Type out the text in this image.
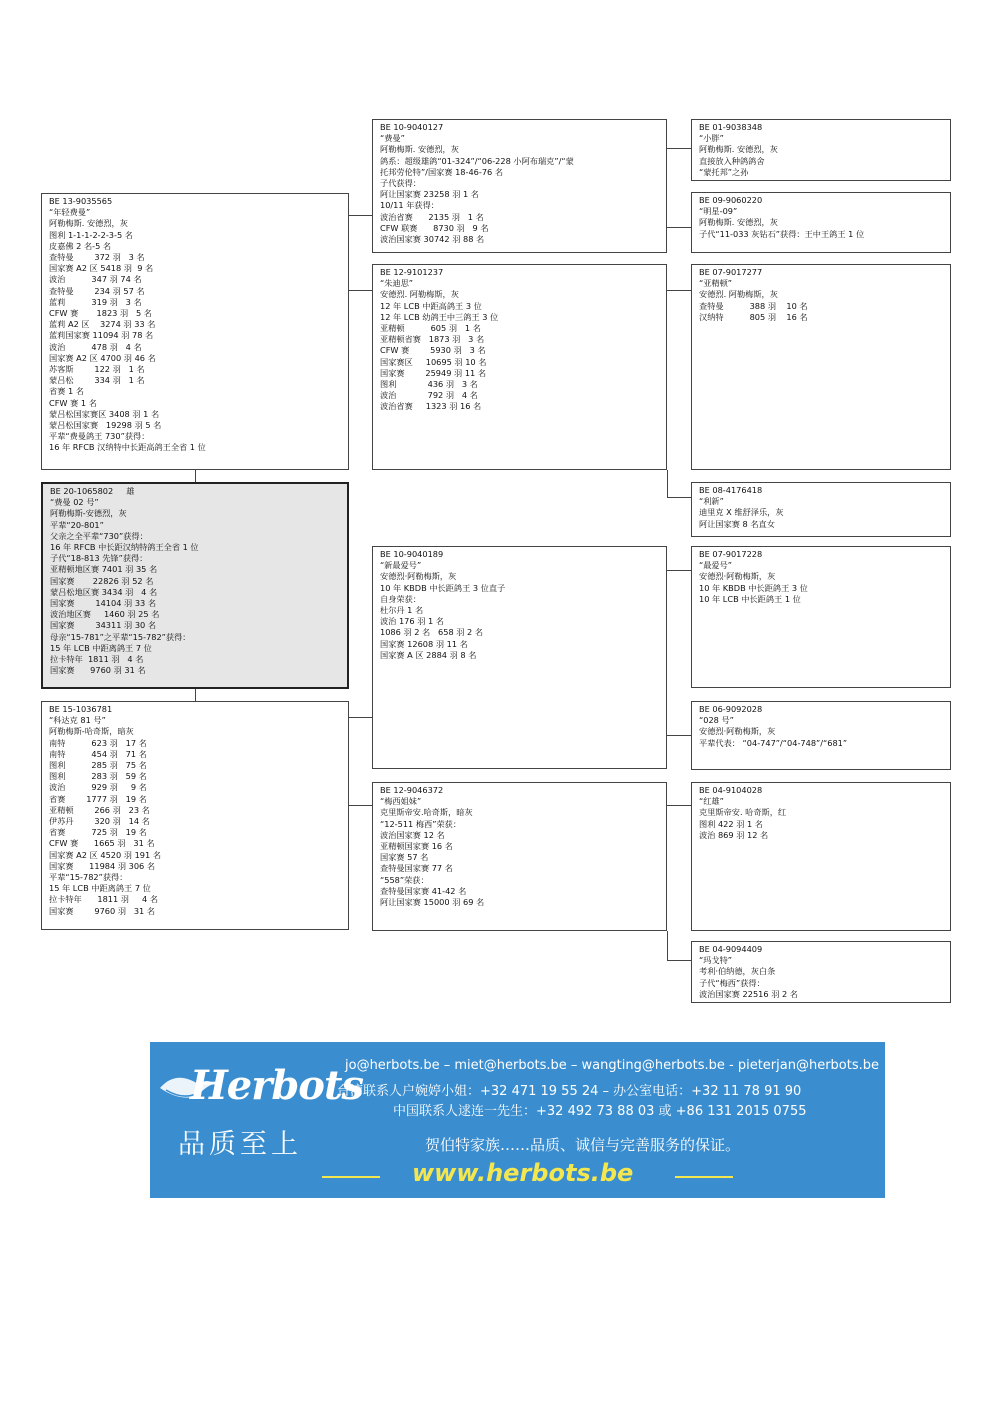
BE 13-9035565
“年轻费曼”
阿勒梅斯. 安德烈，灰
图利 1-1-1-2-2-3-5 名
皮嘉佛 2 名-5 名
查特曼        372 羽   3 名
国家赛 A2 区 5418 羽  9 名
波治          347 羽 74 名
查特曼        234 羽 57 名
蓝莉          319 羽   3 名
CFW 赛       1823 羽   5 名
蓝莉 A2 区    3274 羽 33 名
蓝莉国家赛 11094 羽 78 名
波治          478 羽   4 名
国家赛 A2 区 4700 羽 46 名
苏客斯        122 羽   1 名
蒙吕松        334 羽   1 名
省赛 1 名
CFW 赛 1 名
蒙吕松国家赛区 3408 羽 1 名
蒙吕松国家赛   19298 羽 5 名
平辈“费曼鸽王 730”获得：
16 年 RFCB 汉纳特中长距高鸽王全省 1 位
BE 20-1065802     雄
“费曼 02 号”
阿勒梅斯-安德烈，灰
平辈“20-801”
父亲之全平辈“730”获得：
16 年 RFCB 中长距汉纳特鸽王全省 1 位
子代“18-813 先锋”获得：
亚精顿地区赛 7401 羽 35 名
国家赛       22826 羽 52 名
蒙吕松地区赛 3434 羽   4 名
国家赛        14104 羽 33 名
波治地区赛     1460 羽 25 名
国家赛        34311 羽 30 名
母亲“15-781”之平辈“15-782”获得：
15 年 LCB 中距离鸽王 7 位
拉卡特年  1811 羽   4 名
国家赛      9760 羽 31 名
BE 15-1036781
“科达克 81 号”
阿勒梅斯-哈奇斯，暗灰
南特          623 羽   17 名
南特          454 羽   71 名
图利          285 羽   75 名
图利          283 羽   59 名
波治          929 羽     9 名
省赛        1777 羽   19 名
亚精顿        266 羽   23 名
伊苏丹        320 羽   14 名
省赛          725 羽   19 名
CFW 赛      1665 羽   31 名
国家赛 A2 区 4520 羽 191 名
国家赛      11984 羽 306 名
平辈“15-782”获得：
15 年 LCB 中距离鸽王 7 位
拉卡特年      1811 羽     4 名
国家赛        9760 羽   31 名
BE 10-9040127
“费曼”
阿勒梅斯. 安德烈，灰
鸽系：超级雄鸽“01-324”/“06-228 小阿布瑞克”/“蒙
托邦劳伦特”/国家赛 18-46-76 名
子代获得：
阿让国家赛 23258 羽 1 名
10/11 年获得：
波治省赛      2135 羽   1 名
CFW 联赛      8730 羽   9 名
波治国家赛 30742 羽 88 名
BE 12-9101237
“朱迪思”
安德烈. 阿勒梅斯，灰
12 年 LCB 中距高鸽王 3 位
12 年 LCB 幼鸽王中三鸽王 3 位
亚精顿          605 羽   1 名
亚精顿省赛   1873 羽   3 名
CFW 赛        5930 羽   3 名
国家赛区     10695 羽 10 名
国家赛        25949 羽 11 名
图利            436 羽   3 名
波治            792 羽   4 名
波治省赛     1323 羽 16 名
BE 10-9040189
“新最爱号”
安德烈·阿勒梅斯，灰
10 年 KBDB 中长距鸽王 3 位直子
自身荣获：
杜尔丹 1 名
波治 176 羽 1 名
1086 羽 2 名   658 羽 2 名
国家赛 12608 羽 11 名
国家赛 A 区 2884 羽 8 名
BE 12-9046372
“梅西姐妹”
克里斯帝安.哈奇斯，暗灰
“12-511 梅西”荣获：
波治国家赛 12 名
亚精顿国家赛 16 名
国家赛 57 名
查特曼国家赛 77 名
“558”荣获：
查特曼国家赛 41-42 名
阿让国家赛 15000 羽 69 名
BE 01-9038348
“小胖”
阿勒梅斯. 安德烈，灰
直接放入种鸽鸽舍
“蒙托邦”之孙
BE 09-9060220
“明星-09”
阿勒梅斯. 安德烈，灰
子代“11-033 灰钻石”获得：王中王鸽王 1 位
BE 07-9017277
“亚精顿”
安德烈. 阿勒梅斯，灰
查特曼          388 羽    10 名
汉纳特          805 羽    16 名
BE 08-4176418
“利新”
迪里克 X 维舒泽乐，灰
阿让国家赛 8 名直女
BE 07-9017228
“最爱号”
安德烈·阿勒梅斯，灰
10 年 KBDB 中长距鸽王 3 位
10 年 LCB 中长距鸽王 1 位
BE 06-9092028
“028 号”
安德烈·阿勒梅斯，灰
平辈代表： “04-747”/“04-748”/“681”
BE 04-9104028
“红雄”
克里斯帝安. 哈奇斯，红
图利 422 羽 1 名
波治 869 羽 12 名
BE 04-9094409
“玛戈特”
考利·伯纳德，灰白条
子代“梅西”获得：
波治国家赛 22516 羽 2 名
Herbots
品质至上
jo@herbots.be – miet@herbots.be – wangting@herbots.be - pieterjan@herbots.be
台湾联系人户婉婷小姐：+32 471 19 55 24 – 办公室电话：+32 11 78 91 90
中国联系人逑连一先生：+32 492 73 88 03 或 +86 131 2015 0755
贺伯特家族……品质、诚信与完善服务的保证。
www.herbots.be
